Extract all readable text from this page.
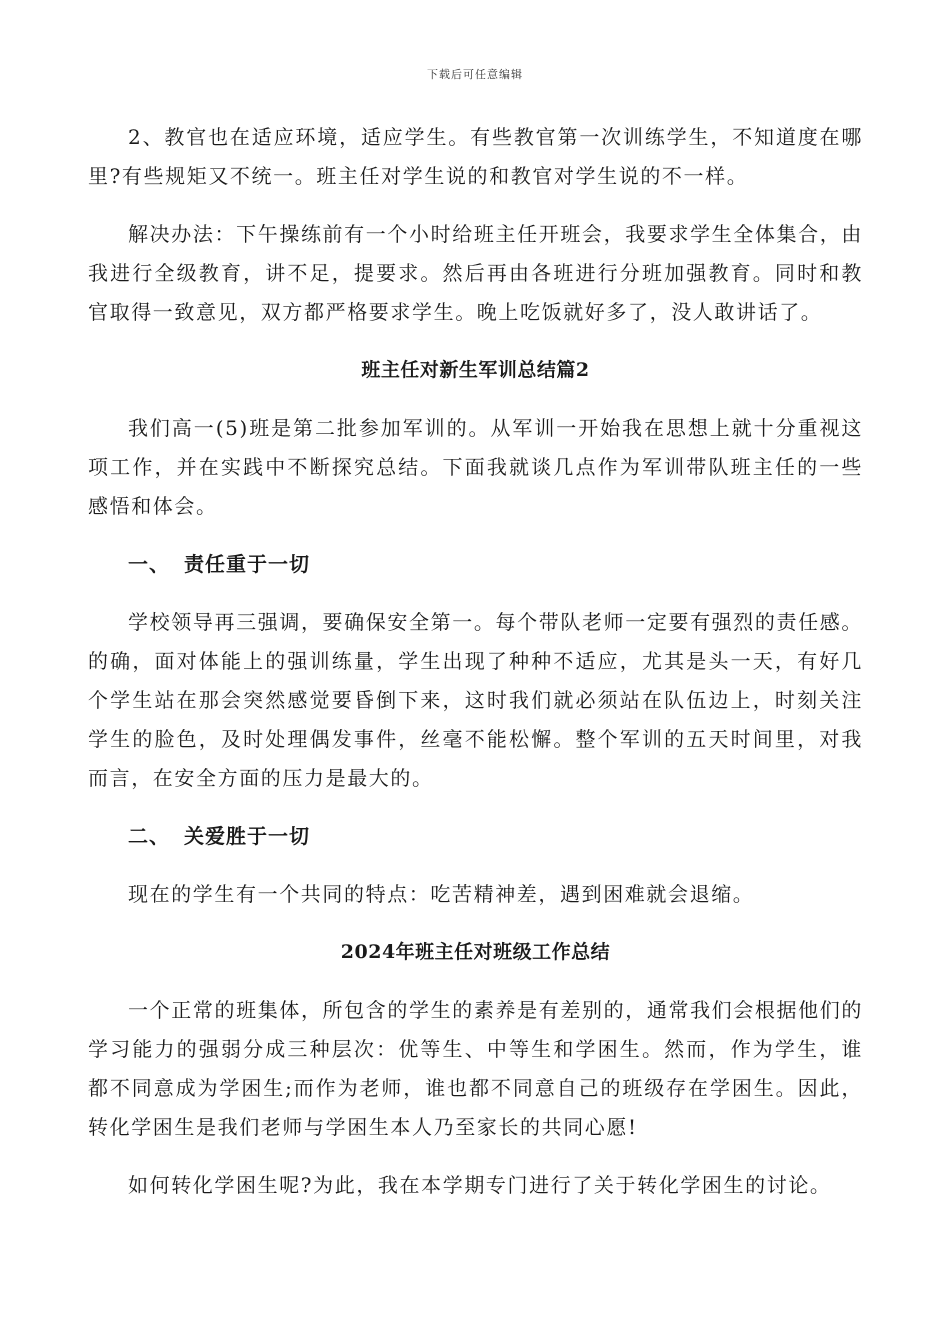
下载后可任意编辑

2、教官也在适应环境，适应学生。有些教官第一次训练学生，不知道度在哪里?有些规矩又不统一。班主任对学生说的和教官对学生说的不一样。

解决办法：下午操练前有一个小时给班主任开班会，我要求学生全体集合，由我进行全级教育，讲不足，提要求。然后再由各班进行分班加强教育。同时和教官取得一致意见，双方都严格要求学生。晚上吃饭就好多了，没人敢讲话了。

班主任对新生军训总结篇2

我们高一(5)班是第二批参加军训的。从军训一开始我在思想上就十分重视这项工作，并在实践中不断探究总结。下面我就谈几点作为军训带队班主任的一些感悟和体会。

一、 责任重于一切

学校领导再三强调，要确保安全第一。每个带队老师一定要有强烈的责任感。的确，面对体能上的强训练量，学生出现了种种不适应，尤其是头一天，有好几个学生站在那会突然感觉要昏倒下来，这时我们就必须站在队伍边上，时刻关注学生的脸色，及时处理偶发事件，丝毫不能松懈。整个军训的五天时间里，对我而言，在安全方面的压力是最大的。

二、 关爱胜于一切

现在的学生有一个共同的特点：吃苦精神差，遇到困难就会退缩。

2024年班主任对班级工作总结

一个正常的班集体，所包含的学生的素养是有差别的，通常我们会根据他们的学习能力的强弱分成三种层次：优等生、中等生和学困生。然而，作为学生，谁都不同意成为学困生;而作为老师，谁也都不同意自己的班级存在学困生。因此，转化学困生是我们老师与学困生本人乃至家长的共同心愿!

如何转化学困生呢?为此，我在本学期专门进行了关于转化学困生的讨论。
